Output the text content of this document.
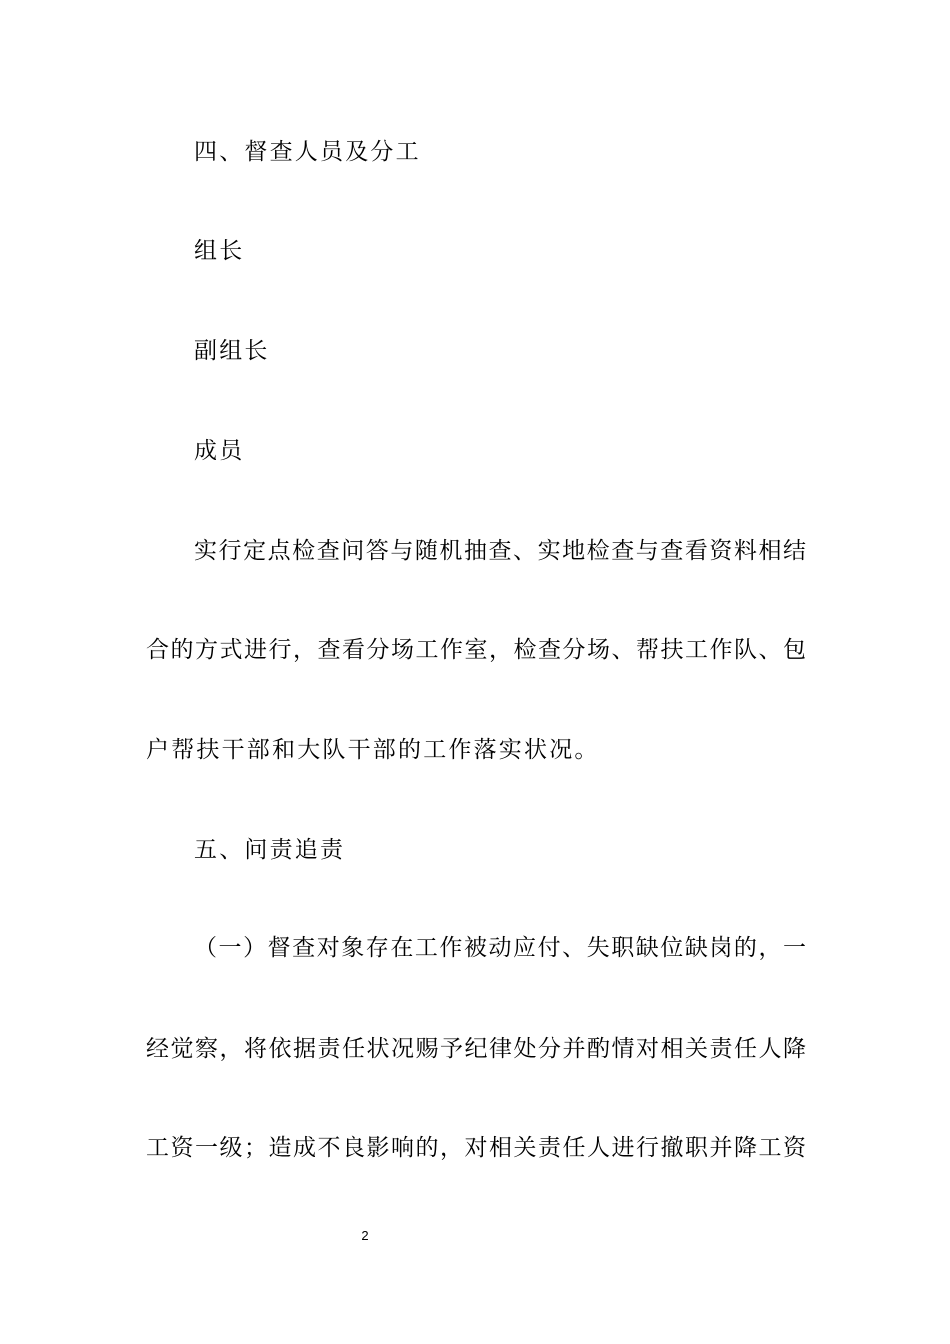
四、督查人员及分工
组长
副组长
成员
实行定点检查问答与随机抽查、实地检查与查看资料相结
合的方式进行，查看分场工作室，检查分场、帮扶工作队、包
户帮扶干部和大队干部的工作落实状况。
五、问责追责
（一）督查对象存在工作被动应付、失职缺位缺岗的，一
经觉察，将依据责任状况赐予纪律处分并酌情对相关责任人降
工资一级；造成不良影响的，对相关责任人进行撤职并降工资
2
